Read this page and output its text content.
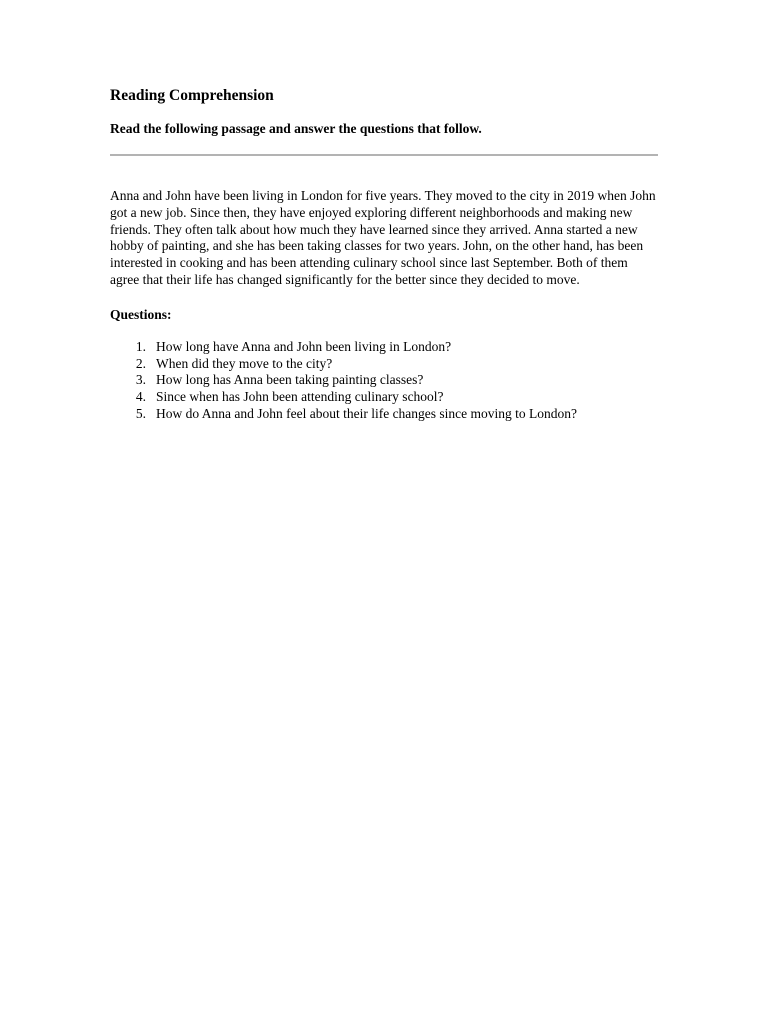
Reading Comprehension

Read the following passage and answer the questions that follow.

Anna and John have been living in London for five years. They moved to the city in 2019 when John got a new job. Since then, they have enjoyed exploring different neighborhoods and making new friends. They often talk about how much they have learned since they arrived. Anna started a new hobby of painting, and she has been taking classes for two years. John, on the other hand, has been interested in cooking and has been attending culinary school since last September. Both of them agree that their life has changed significantly for the better since they decided to move.

Questions:

1. How long have Anna and John been living in London?
2. When did they move to the city?
3. How long has Anna been taking painting classes?
4. Since when has John been attending culinary school?
5. How do Anna and John feel about their life changes since moving to London?
